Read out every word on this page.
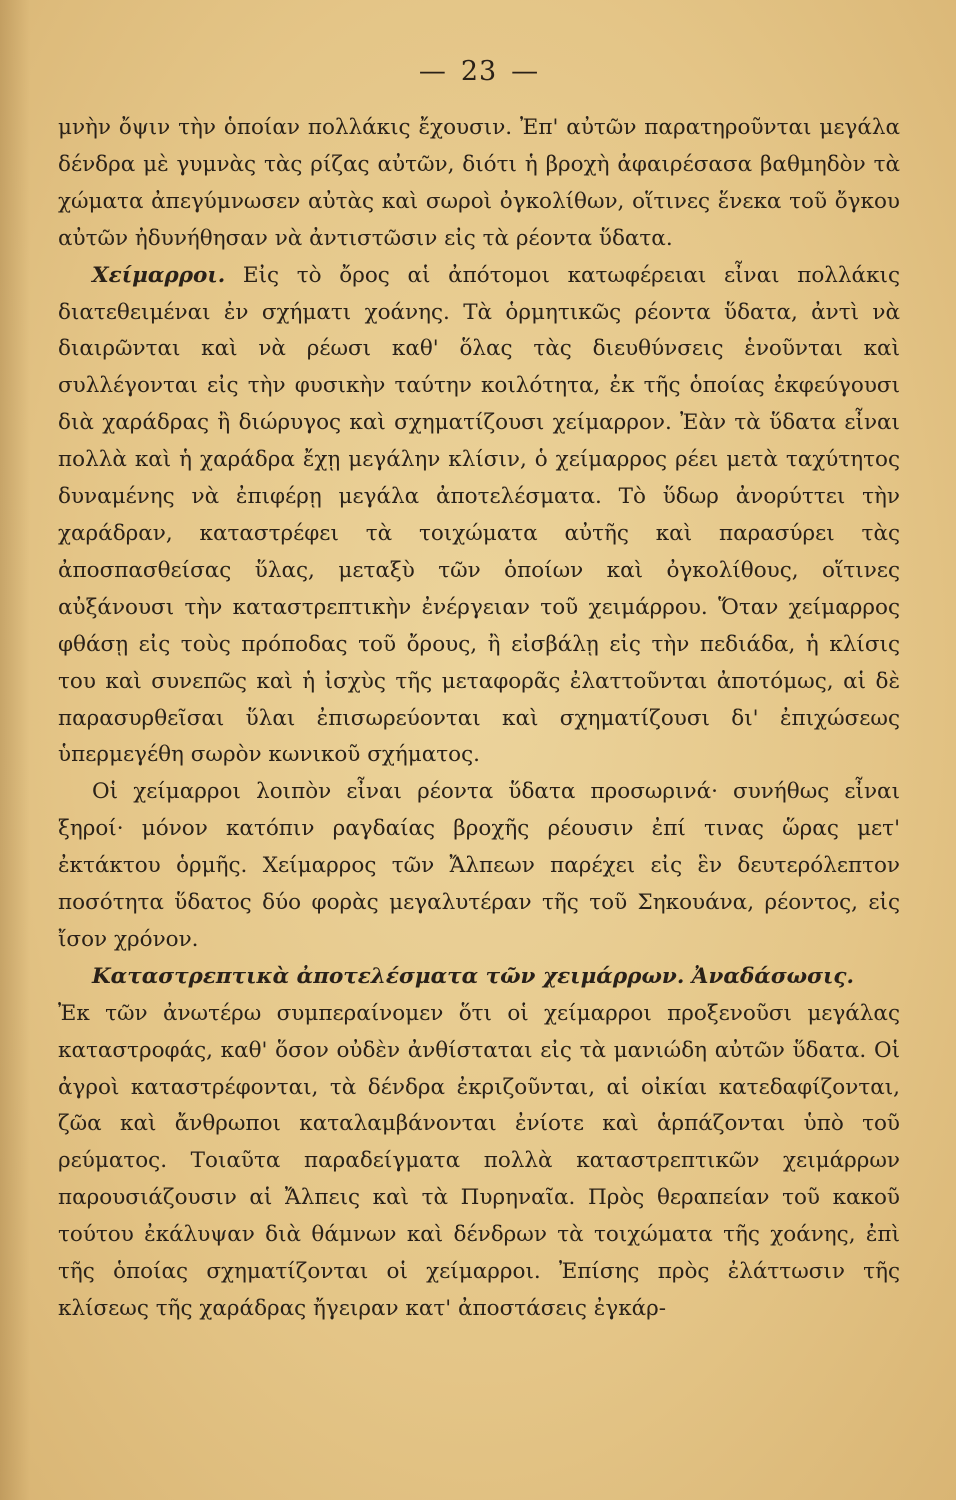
— 23 —

μνὴν ὄψιν τὴν ὁποίαν πολλάκις ἔχουσιν. Ἐπ' αὐτῶν παρατηροῦνται μεγάλα δένδρα μὲ γυμνὰς τὰς ρίζας αὐτῶν, διότι ἡ βροχὴ ἀφαιρέσασα βαθμηδὸν τὰ χώματα ἀπεγύμνωσεν αὐτὰς καὶ σωροὶ ὀγκολίθων, οἵτινες ἕνεκα τοῦ ὄγκου αὐτῶν ἠδυνήθησαν νὰ ἀντιστῶσιν εἰς τὰ ρέοντα ὕδατα.

Χείμαρροι. Εἰς τὸ ὄρος αἱ ἀπότομοι κατωφέρειαι εἶναι πολλάκις διατεθειμέναι ἐν σχήματι χοάνης. Τὰ ὁρμητικῶς ρέοντα ὕδατα, ἀντὶ νὰ διαιρῶνται καὶ νὰ ρέωσι καθ' ὅλας τὰς διευθύνσεις ἑνοῦνται καὶ συλλέγονται εἰς τὴν φυσικὴν ταύτην κοιλότητα, ἐκ τῆς ὁποίας ἐκφεύγουσι διὰ χαράδρας ἢ διώρυγος καὶ σχηματίζουσι χείμαρρον. Ἐὰν τὰ ὕδατα εἶναι πολλὰ καὶ ἡ χαράδρα ἔχῃ μεγάλην κλίσιν, ὁ χείμαρρος ρέει μετὰ ταχύτητος δυναμένης νὰ ἐπιφέρῃ μεγάλα ἀποτελέσματα. Τὸ ὕδωρ ἀνορύττει τὴν χαράδραν, καταστρέφει τὰ τοιχώματα αὐτῆς καὶ παρασύρει τὰς ἀποσπασθείσας ὕλας, μεταξὺ τῶν ὁποίων καὶ ὀγκολίθους, οἵτινες αὐξάνουσι τὴν καταστρεπτικὴν ἐνέργειαν τοῦ χειμάρρου. Ὅταν χείμαρρος φθάσῃ εἰς τοὺς πρόποδας τοῦ ὄρους, ἢ εἰσβάλῃ εἰς τὴν πεδιάδα, ἡ κλίσις του καὶ συνεπῶς καὶ ἡ ἰσχὺς τῆς μεταφορᾶς ἐλαττοῦνται ἀποτόμως, αἱ δὲ παρασυρθεῖσαι ὕλαι ἐπισωρεύονται καὶ σχηματίζουσι δι' ἐπιχώσεως ὑπερμεγέθη σωρὸν κωνικοῦ σχήματος.

Οἱ χείμαρροι λοιπὸν εἶναι ρέοντα ὕδατα προσωρινά· συνήθως εἶναι ξηροί· μόνον κατόπιν ραγδαίας βροχῆς ρέουσιν ἐπί τινας ὥρας μετ' ἐκτάκτου ὁρμῆς. Χείμαρρος τῶν Ἄλπεων παρέχει εἰς ἓν δευτερόλεπτον ποσότητα ὕδατος δύο φορὰς μεγαλυτέραν τῆς τοῦ Σηκουάνα, ρέοντος, εἰς ἴσον χρόνον.

Καταστρεπτικὰ ἀποτελέσματα τῶν χειμάρρων. Ἀναδάσωσις.

Ἐκ τῶν ἀνωτέρω συμπεραίνομεν ὅτι οἱ χείμαρροι προξενοῦσι μεγάλας καταστροφάς, καθ' ὅσον οὐδὲν ἀνθίσταται εἰς τὰ μανιώδη αὐτῶν ὕδατα. Οἱ ἀγροὶ καταστρέφονται, τὰ δένδρα ἐκριζοῦνται, αἱ οἰκίαι κατεδαφίζονται, ζῶα καὶ ἄνθρωποι καταλαμβάνονται ἐνίοτε καὶ ἁρπάζονται ὑπὸ τοῦ ρεύματος. Τοιαῦτα παραδείγματα πολλὰ καταστρεπτικῶν χειμάρρων παρουσιάζουσιν αἱ Ἄλπεις καὶ τὰ Πυρηναῖα. Πρὸς θεραπείαν τοῦ κακοῦ τούτου ἐκάλυψαν διὰ θάμνων καὶ δένδρων τὰ τοιχώματα τῆς χοάνης, ἐπὶ τῆς ὁποίας σχηματίζονται οἱ χείμαρροι. Ἐπίσης πρὸς ἐλάττωσιν τῆς κλίσεως τῆς χαράδρας ἤγειραν κατ' ἀποστάσεις ἐγκάρ-
